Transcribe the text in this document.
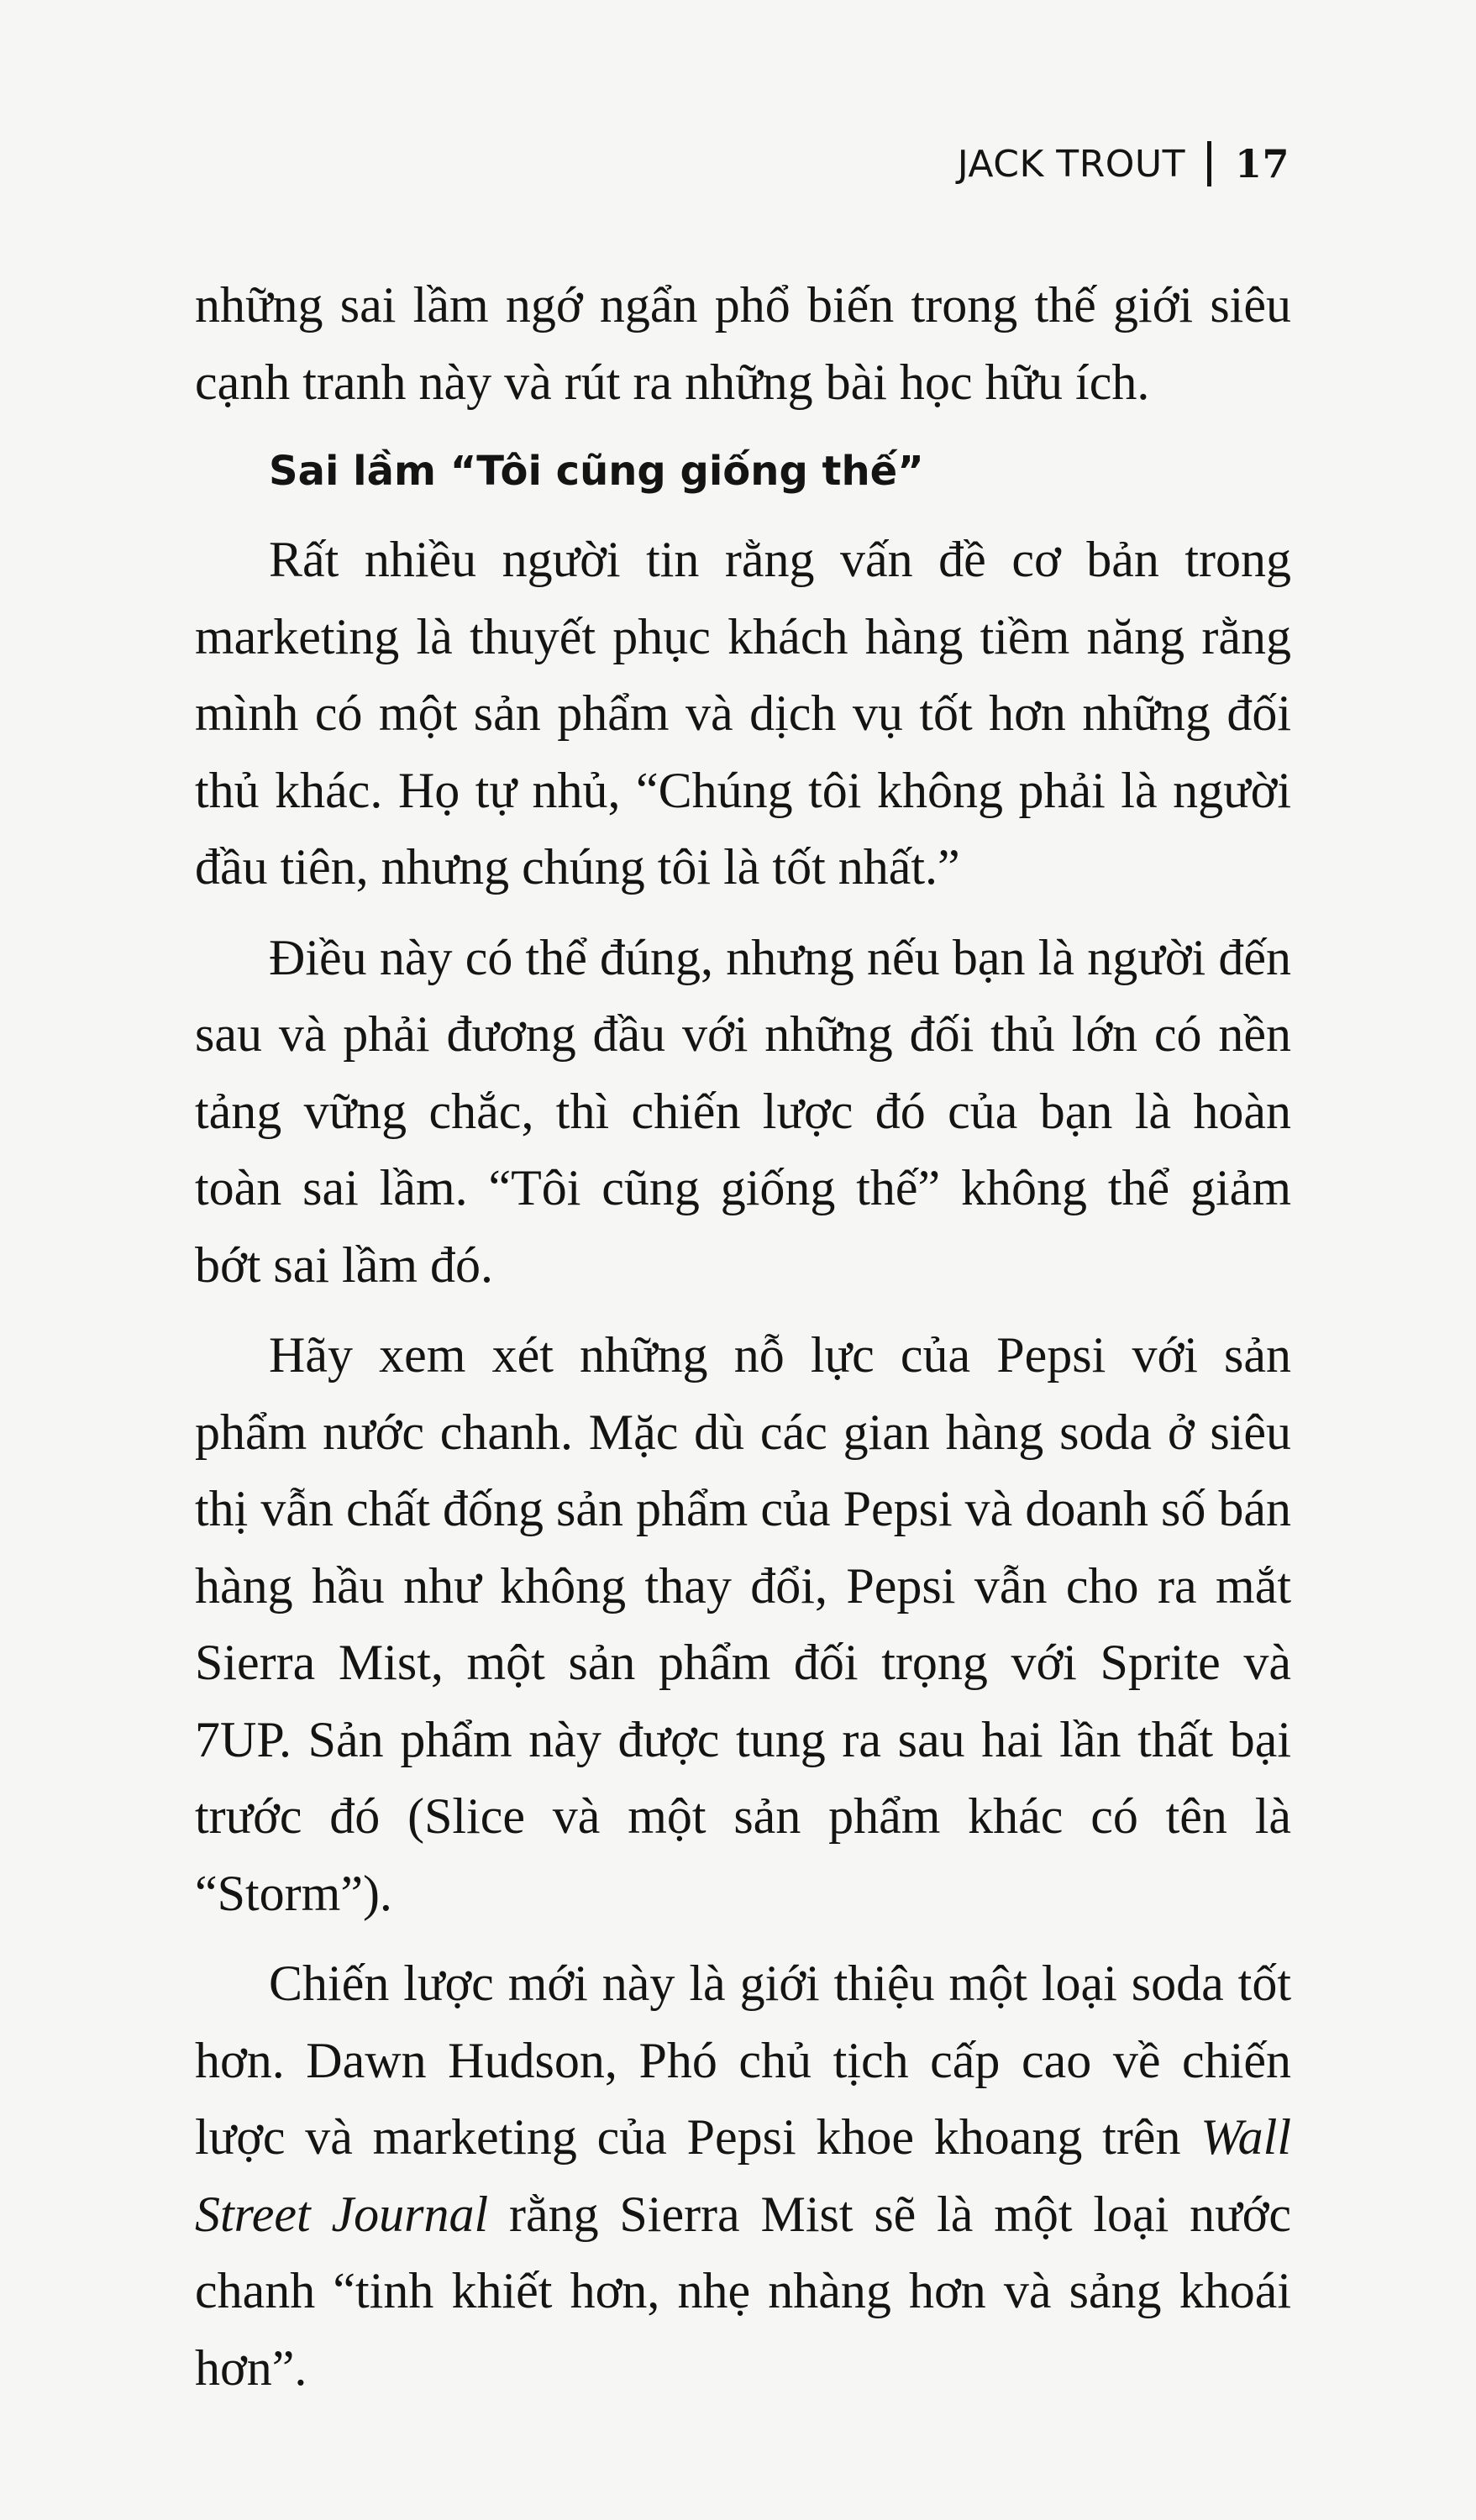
JACK TROUT 17

những sai lầm ngớ ngẩn phổ biến trong thế giới siêu cạnh tranh này và rút ra những bài học hữu ích.

Sai lầm “Tôi cũng giống thế”

Rất nhiều người tin rằng vấn đề cơ bản trong marketing là thuyết phục khách hàng tiềm năng rằng mình có một sản phẩm và dịch vụ tốt hơn những đối thủ khác. Họ tự nhủ, “Chúng tôi không phải là người đầu tiên, nhưng chúng tôi là tốt nhất.”

Điều này có thể đúng, nhưng nếu bạn là người đến sau và phải đương đầu với những đối thủ lớn có nền tảng vững chắc, thì chiến lược đó của bạn là hoàn toàn sai lầm. “Tôi cũng giống thế” không thể giảm bớt sai lầm đó.

Hãy xem xét những nỗ lực của Pepsi với sản phẩm nước chanh. Mặc dù các gian hàng soda ở siêu thị vẫn chất đống sản phẩm của Pepsi và doanh số bán hàng hầu như không thay đổi, Pepsi vẫn cho ra mắt Sierra Mist, một sản phẩm đối trọng với Sprite và 7UP. Sản phẩm này được tung ra sau hai lần thất bại trước đó (Slice và một sản phẩm khác có tên là “Storm”).

Chiến lược mới này là giới thiệu một loại soda tốt hơn. Dawn Hudson, Phó chủ tịch cấp cao về chiến lược và marketing của Pepsi khoe khoang trên Wall Street Journal rằng Sierra Mist sẽ là một loại nước chanh “tinh khiết hơn, nhẹ nhàng hơn và sảng khoái hơn”.
